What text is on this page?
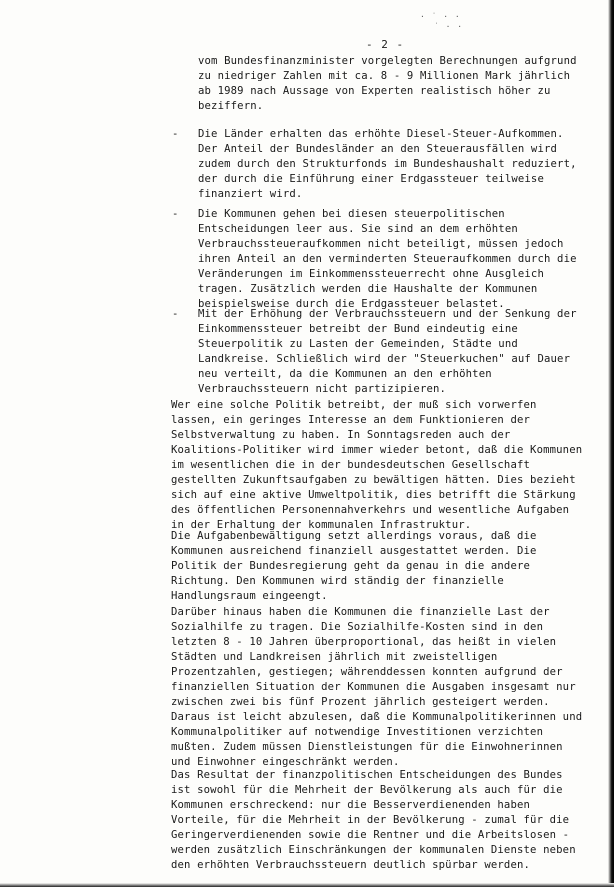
· ˙ · ·
˙ · ·
- 2 -
vom Bundesfinanzminister vorgelegten Berechnungen aufgrund
zu niedriger Zahlen mit ca. 8 - 9 Millionen Mark jährlich
ab 1989 nach Aussage von Experten realistisch höher zu
beziffern.
- Die Länder erhalten das erhöhte Diesel-Steuer-Aufkommen.
Der Anteil der Bundesländer an den Steuerausfällen wird
zudem durch den Strukturfonds im Bundeshaushalt reduziert,
der durch die Einführung einer Erdgassteuer teilweise
finanziert wird.
- Die Kommunen gehen bei diesen steuerpolitischen
Entscheidungen leer aus. Sie sind an dem erhöhten
Verbrauchssteueraufkommen nicht beteiligt, müssen jedoch
ihren Anteil an den verminderten Steueraufkommen durch die
Veränderungen im Einkommenssteuerrecht ohne Ausgleich
tragen. Zusätzlich werden die Haushalte der Kommunen
beispielsweise durch die Erdgassteuer belastet.
- Mit der Erhöhung der Verbrauchssteuern und der Senkung der
Einkommenssteuer betreibt der Bund eindeutig eine
Steuerpolitik zu Lasten der Gemeinden, Städte und
Landkreise. Schließlich wird der "Steuerkuchen" auf Dauer
neu verteilt, da die Kommunen an den erhöhten
Verbrauchssteuern nicht partizipieren.
Wer eine solche Politik betreibt, der muß sich vorwerfen
lassen, ein geringes Interesse an dem Funktionieren der
Selbstverwaltung zu haben. In Sonntagsreden auch der
Koalitions-Politiker wird immer wieder betont, daß die Kommunen
im wesentlichen die in der bundesdeutschen Gesellschaft
gestellten Zukunftsaufgaben zu bewältigen hätten. Dies bezieht
sich auf eine aktive Umweltpolitik, dies betrifft die Stärkung
des öffentlichen Personennahverkehrs und wesentliche Aufgaben
in der Erhaltung der kommunalen Infrastruktur.
Die Aufgabenbewältigung setzt allerdings voraus, daß die
Kommunen ausreichend finanziell ausgestattet werden. Die
Politik der Bundesregierung geht da genau in die andere
Richtung. Den Kommunen wird ständig der finanzielle
Handlungsraum eingeengt.
Darüber hinaus haben die Kommunen die finanzielle Last der
Sozialhilfe zu tragen. Die Sozialhilfe-Kosten sind in den
letzten 8 - 10 Jahren überproportional, das heißt in vielen
Städten und Landkreisen jährlich mit zweistelligen
Prozentzahlen, gestiegen; währenddessen konnten aufgrund der
finanziellen Situation der Kommunen die Ausgaben insgesamt nur
zwischen zwei bis fünf Prozent jährlich gesteigert werden.
Daraus ist leicht abzulesen, daß die Kommunalpolitikerinnen und
Kommunalpolitiker auf notwendige Investitionen verzichten
mußten. Zudem müssen Dienstleistungen für die Einwohnerinnen
und Einwohner eingeschränkt werden.
Das Resultat der finanzpolitischen Entscheidungen des Bundes
ist sowohl für die Mehrheit der Bevölkerung als auch für die
Kommunen erschreckend: nur die Besserverdienenden haben
Vorteile, für die Mehrheit in der Bevölkerung - zumal für die
Geringerverdienenden sowie die Rentner und die Arbeitslosen -
werden zusätzlich Einschränkungen der kommunalen Dienste neben
den erhöhten Verbrauchssteuern deutlich spürbar werden.
